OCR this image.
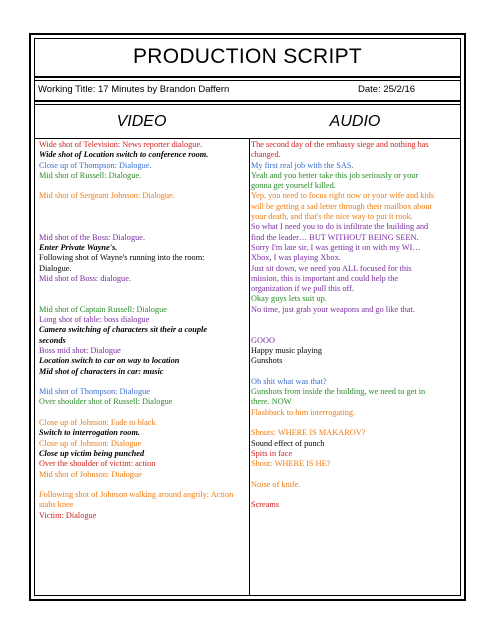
PRODUCTION SCRIPT
Working Title: 17 Minutes by Brandon Daffern	Date: 25/2/16
VIDEO	AUDIO
Wide shot of Television: News reporter dialogue.
Wide shot of Location switch to conference room.
Close up of Thompson: Dialogue.
Mid shot of Russell: Dialogue.
Mid shot of Sergeant Johnson: Dialogue.
Mid shot of the Boss: Dialogue.
Enter Private Wayne's.
Following shot of Wayne's running into the room:
Dialogue.
Mid shot of Boss: dialogue.
Mid shot of Captain Russell: Dialogue
Long shot of table: boss dialogue
Camera switching of characters sit their a couple
seconds
Boss mid shot: Dialogue
Location switch to car on way to location
Mid shot of characters in car: music
Mid shot of Thompson: Dialogue
Over shoulder shot of Russell: Dialogue
Close up of Johnson: Fade to black
Switch to interrogation room.
Close up of Johnson: Dialogue
Close up victim being punched
Over the shoulder of victim: action
Mid shot of Johnson: Dialogue
Following shot of Johnson walking around angrily: Action
stabs knee
Victim: Dialogue
The second day of the embassy siege and nothing has
changed.
My first real job with the SAS.
Yeah and you better take this job seriously or your
gonna get yourself killed.
Yep, you need to focus right now or your wife and kids
will be getting a sad letter through their mailbox about
your death, and that's the nice way to put it rook.
So what I need you to do is infiltrate the building and
find the leader… BUT WITHOUT BEING SEEN.
Sorry I'm late sir, I was getting it on with my WI…
Xbox, I was playing Xbox.
Just sit down, we need you ALL focused for this
mission, this is important and could help the
organization if we pull this off.
Okay guys lets suit up.
No time, just grab your weapons and go like that.
GOOO
Happy music playing
Gunshots
Oh shit what was that?
Gunshots from inside the building, we need to get in
there. NOW
Flashback to him interrogating.
Shouts: WHERE IS MAKAROV?
Sound effect of punch
Spits in face
Shout: WHERE IS HE?
Noise of knife.
Screams
